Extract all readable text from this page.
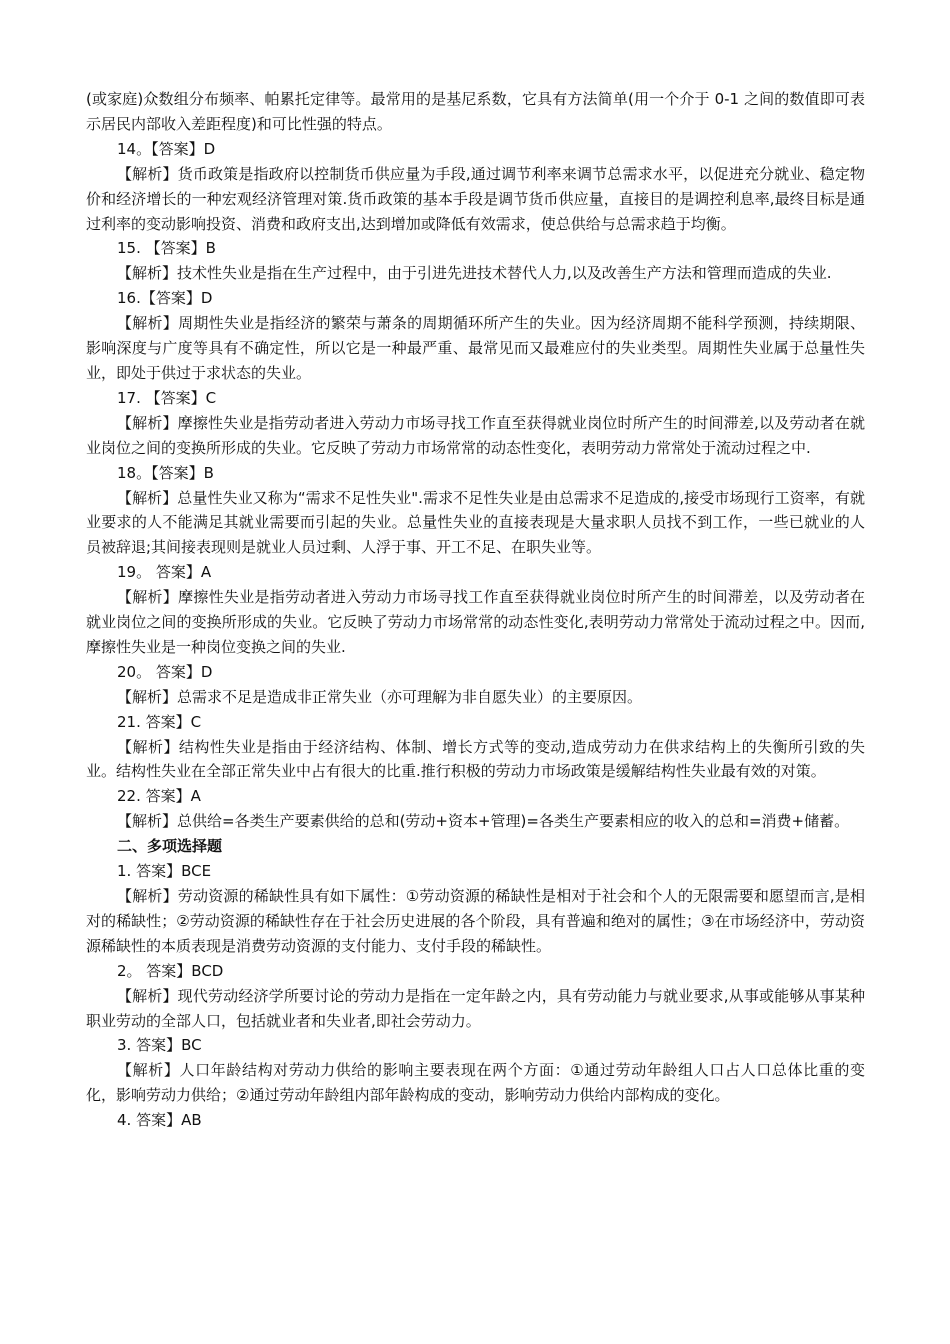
(或家庭)众数组分布频率、帕累托定律等。最常用的是基尼系数，它具有方法简单(用一个介于 0-1 之间的数值即可表示居民内部收入差距程度)和可比性强的特点。

14。【答案】D

【解析】货币政策是指政府以控制货币供应量为手段,通过调节利率来调节总需求水平，以促进充分就业、稳定物价和经济增长的一种宏观经济管理对策.货币政策的基本手段是调节货币供应量，直接目的是调控利息率,最终目标是通过利率的变动影响投资、消费和政府支出,达到增加或降低有效需求，使总供给与总需求趋于均衡。

15. 【答案】B

【解析】技术性失业是指在生产过程中，由于引进先进技术替代人力,以及改善生产方法和管理而造成的失业.

16.【答案】D

【解析】周期性失业是指经济的繁荣与萧条的周期循环所产生的失业。因为经济周期不能科学预测，持续期限、影响深度与广度等具有不确定性，所以它是一种最严重、最常见而又最难应付的失业类型。周期性失业属于总量性失业，即处于供过于求状态的失业。

17. 【答案】C

【解析】摩擦性失业是指劳动者进入劳动力市场寻找工作直至获得就业岗位时所产生的时间滞差,以及劳动者在就业岗位之间的变换所形成的失业。它反映了劳动力市场常常的动态性变化，表明劳动力常常处于流动过程之中.

18。【答案】B

【解析】总量性失业又称为“需求不足性失业".需求不足性失业是由总需求不足造成的,接受市场现行工资率，有就业要求的人不能满足其就业需要而引起的失业。总量性失业的直接表现是大量求职人员找不到工作，一些已就业的人员被辞退;其间接表现则是就业人员过剩、人浮于事、开工不足、在职失业等。

19。 答案】A

【解析】摩擦性失业是指劳动者进入劳动力市场寻找工作直至获得就业岗位时所产生的时间滞差，以及劳动者在就业岗位之间的变换所形成的失业。它反映了劳动力市场常常的动态性变化,表明劳动力常常处于流动过程之中。因而,摩擦性失业是一种岗位变换之间的失业.

20。 答案】D

【解析】总需求不足是造成非正常失业（亦可理解为非自愿失业）的主要原因。

21. 答案】C

【解析】结构性失业是指由于经济结构、体制、增长方式等的变动,造成劳动力在供求结构上的失衡所引致的失业。结构性失业在全部正常失业中占有很大的比重.推行积极的劳动力市场政策是缓解结构性失业最有效的对策。

22. 答案】A

【解析】总供给=各类生产要素供给的总和(劳动+资本+管理)=各类生产要素相应的收入的总和=消费+储蓄。

二、多项选择题

1. 答案】BCE

【解析】劳动资源的稀缺性具有如下属性：①劳动资源的稀缺性是相对于社会和个人的无限需要和愿望而言,是相对的稀缺性；②劳动资源的稀缺性存在于社会历史进展的各个阶段，具有普遍和绝对的属性；③在市场经济中，劳动资源稀缺性的本质表现是消费劳动资源的支付能力、支付手段的稀缺性。

2。 答案】BCD

【解析】现代劳动经济学所要讨论的劳动力是指在一定年龄之内，具有劳动能力与就业要求,从事或能够从事某种职业劳动的全部人口，包括就业者和失业者,即社会劳动力。

3. 答案】BC

【解析】人口年龄结构对劳动力供给的影响主要表现在两个方面：①通过劳动年龄组人口占人口总体比重的变化，影响劳动力供给；②通过劳动年龄组内部年龄构成的变动，影响劳动力供给内部构成的变化。

4. 答案】AB
